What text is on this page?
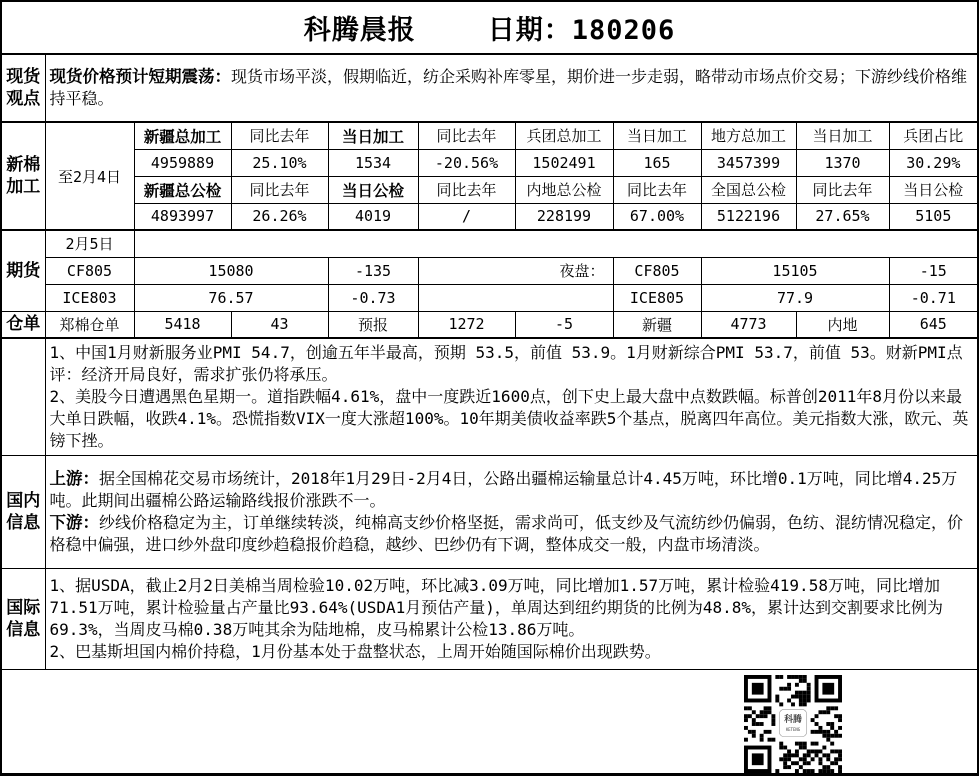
科腾晨报 日期：180206										
现货观点	现货价格预计短期震荡：现货市场平淡，假期临近，纺企采购补库零星，期价进一步走弱，略带动市场点价交易；下游纱线价格维持平稳。									
新棉加工	至2月4日	新疆总加工	同比去年	当日加工	同比去年	兵团总加工	当日加工	地方总加工	当日加工	兵团占比
		4959889	25.10%	1534	-20.56%	1502491	165	3457399	1370	30.29%
		新疆总公检	同比去年	当日公检	同比去年	内地总公检	同比去年	全国总公检	同比去年	当日公检
		4893997	26.26%	4019	/	228199	67.00%	5122196	27.65%	5105
期货	2月5日									
	CF805	15080		-135	夜盘：		CF805	15105		-15
	ICE803	76.57		-0.73			ICE805	77.9		-0.71
仓单	郑棉仓单	5418	43	预报	1272	-5	新疆	4773	内地	645

	1、中国1月财新服务业PMI 54.7，创逾五年半最高，预期 53.5，前值 53.9。1月财新综合PMI 53.7，前值 53。财新PMI点评：经济开局良好，需求扩张仍将承压。
2、美股今日遭遇黑色星期一。道指跌幅4.61%，盘中一度跌近1600点，创下史上最大盘中点数跌幅。标普创2011年8月份以来最大单日跌幅，收跌4.1%。恐慌指数VIX一度大涨超100%。10年期美债收益率跌5个基点，脱离四年高位。美元指数大涨，欧元、英镑下挫。									

国内信息	上游：据全国棉花交易市场统计，2018年1月29日-2月4日，公路出疆棉运输量总计4.45万吨，环比增0.1万吨，同比增4.25万吨。此期间出疆棉公路运输路线报价涨跌不一。
下游：纱线价格稳定为主，订单继续转淡，纯棉高支纱价格坚挺，需求尚可，低支纱及气流纺纱仍偏弱，色纺、混纺情况稳定，价格稳中偏强，进口纱外盘印度纱趋稳报价趋稳，越纱、巴纱仍有下调，整体成交一般，内盘市场清淡。									

国际信息	1、据USDA，截止2月2日美棉当周检验10.02万吨，环比减3.09万吨，同比增加1.57万吨，累计检验419.58万吨，同比增加71.51万吨，累计检验量占产量比93.64%(USDA1月预估产量)，单周达到纽约期货的比例为48.8%，累计达到交割要求比例为69.3%，当周皮马棉0.38万吨其余为陆地棉，皮马棉累计公检13.86万吨。
2、巴基斯坦国内棉价持稳，1月份基本处于盘整状态，上周开始随国际棉价出现跌势。									

科腾
KETENG										
